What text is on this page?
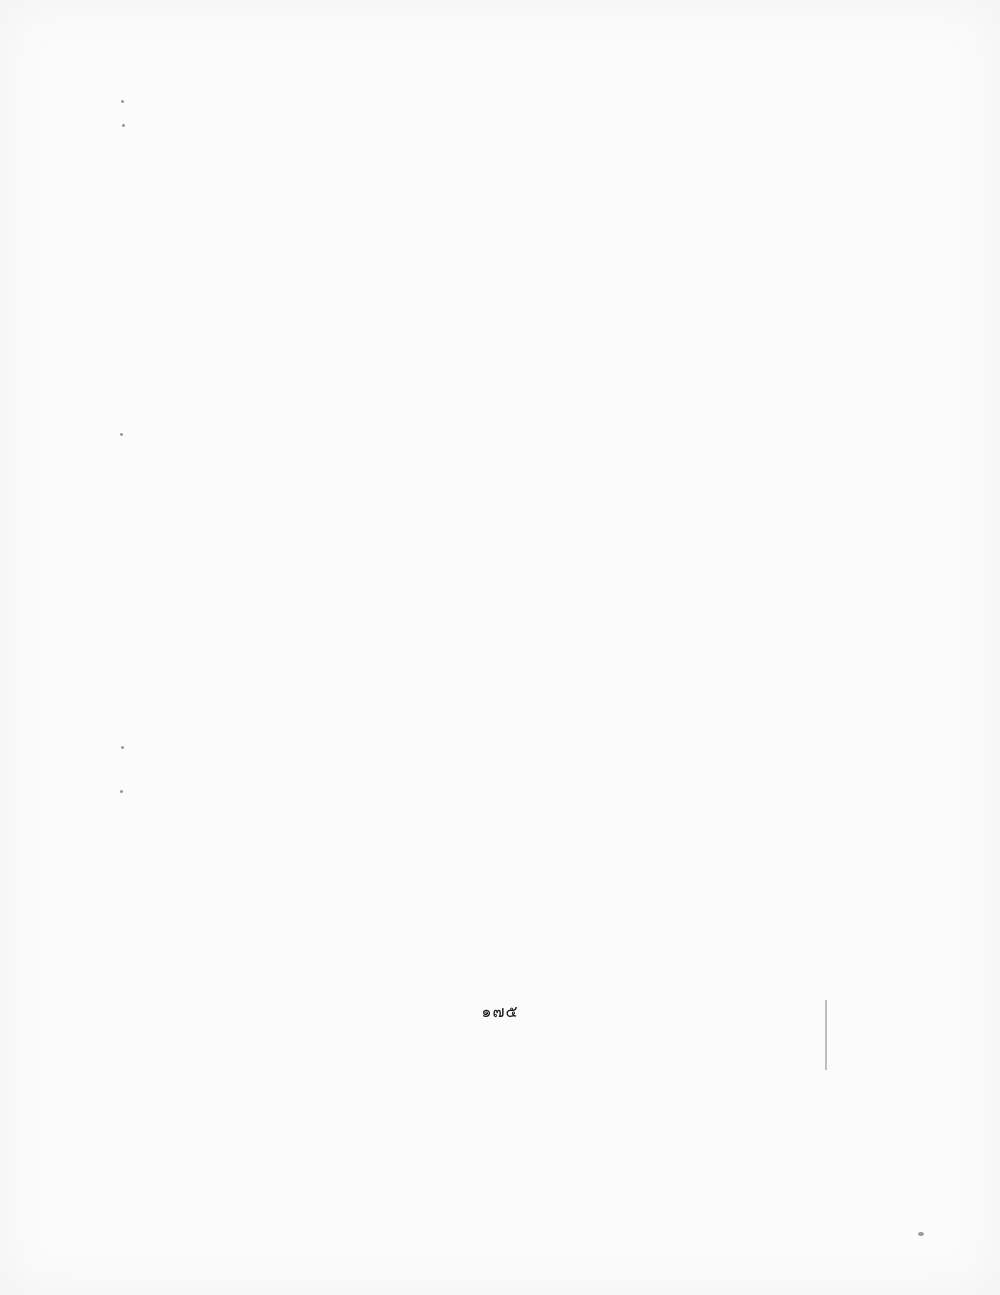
๑๗๕
